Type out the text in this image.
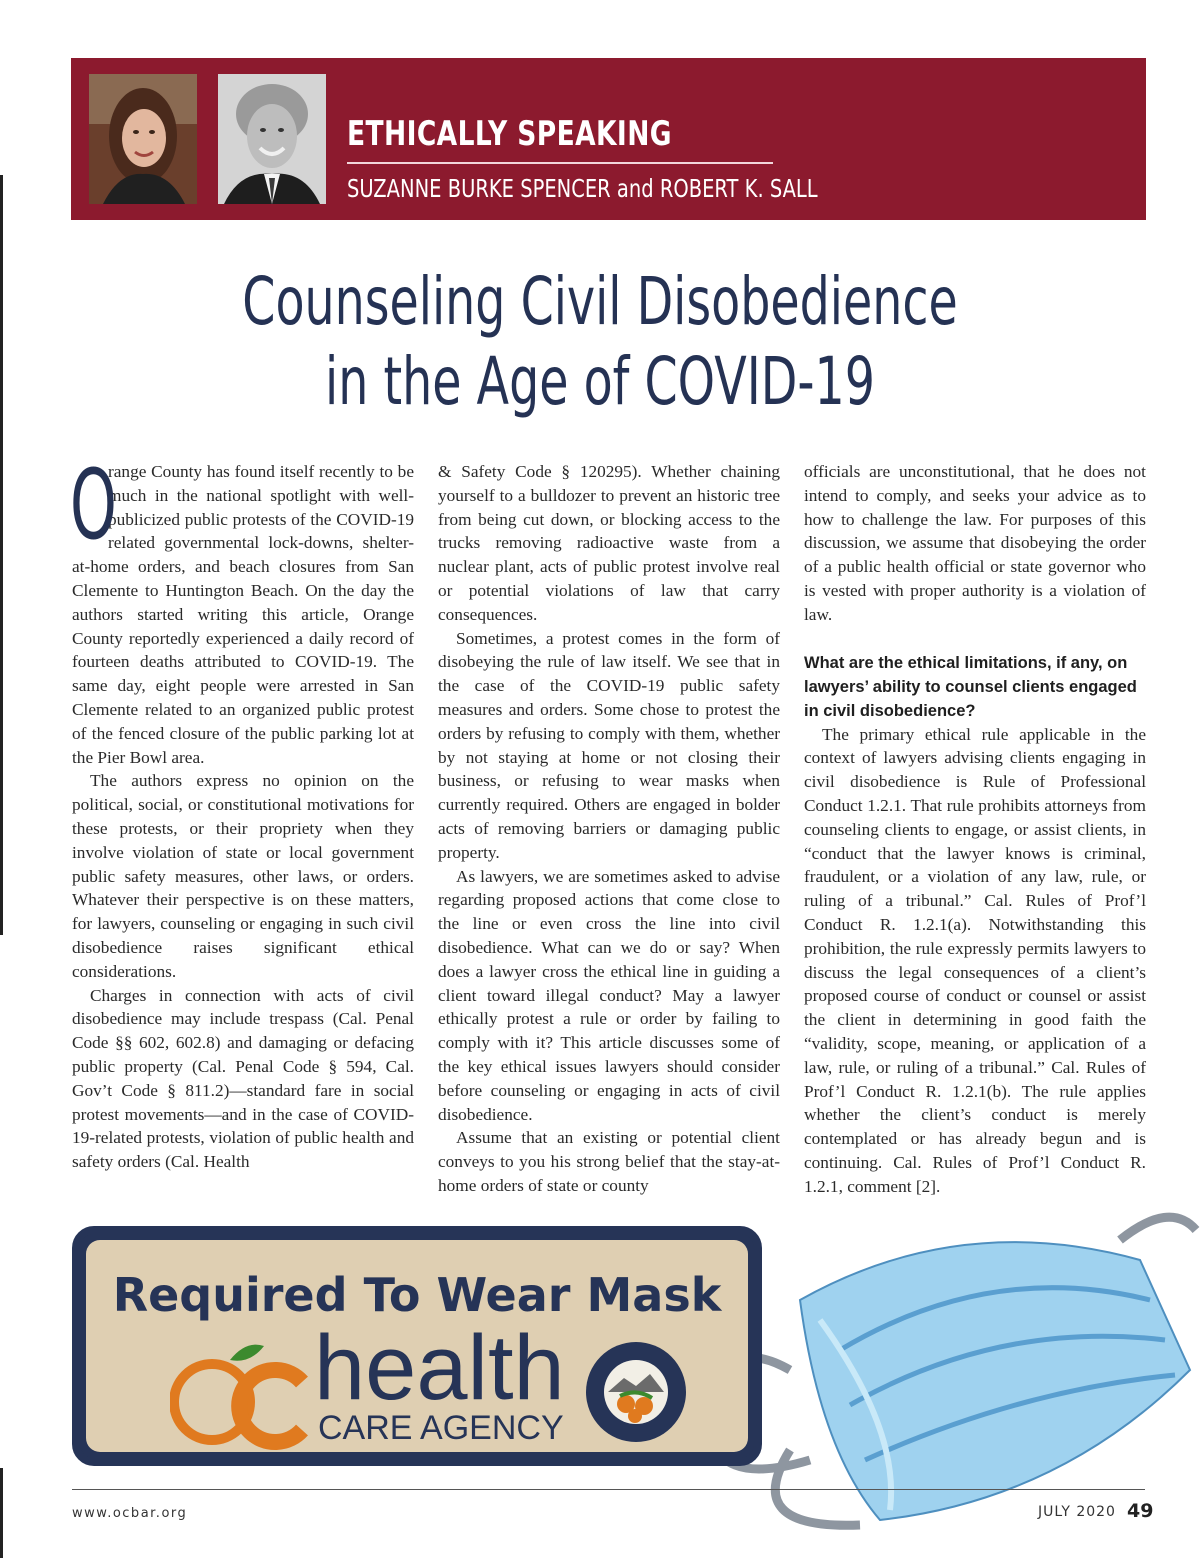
ETHICALLY SPEAKING
SUZANNE BURKE SPENCER and ROBERT K. SALL
Counseling Civil Disobedience
in the Age of COVID-19

O
range County has found itself recently to be much in the national spotlight with well-publicized public protests of the COVID-19 related governmental lock-downs, shelter-at-home orders, and beach closures from San Clemente to Huntington Beach. On the day the authors started writing this article, Orange County reportedly experienced a daily record of fourteen deaths attributed to COVID-19. The same day, eight people were arrested in San Clemente related to an organized public protest of the fenced closure of the public parking lot at the Pier Bowl area.

The authors express no opinion on the political, social, or constitutional motivations for these protests, or their propriety when they involve violation of state or local government public safety measures, other laws, or orders. Whatever their perspective is on these matters, for lawyers, counseling or engaging in such civil disobedience raises significant ethical considerations.

Charges in connection with acts of civil disobedience may include trespass (Cal. Penal Code §§ 602, 602.8) and damaging or defacing public property (Cal. Penal Code § 594, Cal. Gov’t Code § 811.2)—standard fare in social protest movements—and in the case of COVID-19-related protests, violation of public health and safety orders (Cal. Health

& Safety Code § 120295). Whether chaining yourself to a bulldozer to prevent an historic tree from being cut down, or blocking access to the trucks removing radioactive waste from a nuclear plant, acts of public protest involve real or potential violations of law that carry consequences.

Sometimes, a protest comes in the form of disobeying the rule of law itself. We see that in the case of the COVID-19 public safety measures and orders. Some chose to protest the orders by refusing to comply with them, whether by not staying at home or not closing their business, or refusing to wear masks when currently required. Others are engaged in bolder acts of removing barriers or damaging public property.

As lawyers, we are sometimes asked to advise regarding proposed actions that come close to the line or even cross the line into civil disobedience. What can we do or say? When does a lawyer cross the ethical line in guiding a client toward illegal conduct? May a lawyer ethically protest a rule or order by failing to comply with it? This article discusses some of the key ethical issues lawyers should consider before counseling or engaging in acts of civil disobedience.

Assume that an existing or potential client conveys to you his strong belief that the stay-at-home orders of state or county

officials are unconstitutional, that he does not intend to comply, and seeks your advice as to how to challenge the law. For purposes of this discussion, we assume that disobeying the order of a public health official or state governor who is vested with proper authority is a violation of law.

What are the ethical limitations, if any, on lawyers’ ability to counsel clients engaged in civil disobedience?

The primary ethical rule applicable in the context of lawyers advising clients engaging in civil disobedience is Rule of Professional Conduct 1.2.1. That rule prohibits attorneys from counseling clients to engage, or assist clients, in “conduct that the lawyer knows is criminal, fraudulent, or a violation of any law, rule, or ruling of a tribunal.” Cal. Rules of Prof’l Conduct R. 1.2.1(a). Notwithstanding this prohibition, the rule expressly permits lawyers to discuss the legal consequences of a client’s proposed course of conduct or counsel or assist the client in determining in good faith the “validity, scope, meaning, or application of a law, rule, or ruling of a tribunal.” Cal. Rules of Prof’l Conduct R. 1.2.1(b). The rule applies whether the client’s conduct is merely contemplated or has already begun and is continuing. Cal. Rules of Prof’l Conduct R. 1.2.1, comment [2].

Required To Wear Mask
health
CARE AGENCY
www.ocbar.org	JULY 2020 49
